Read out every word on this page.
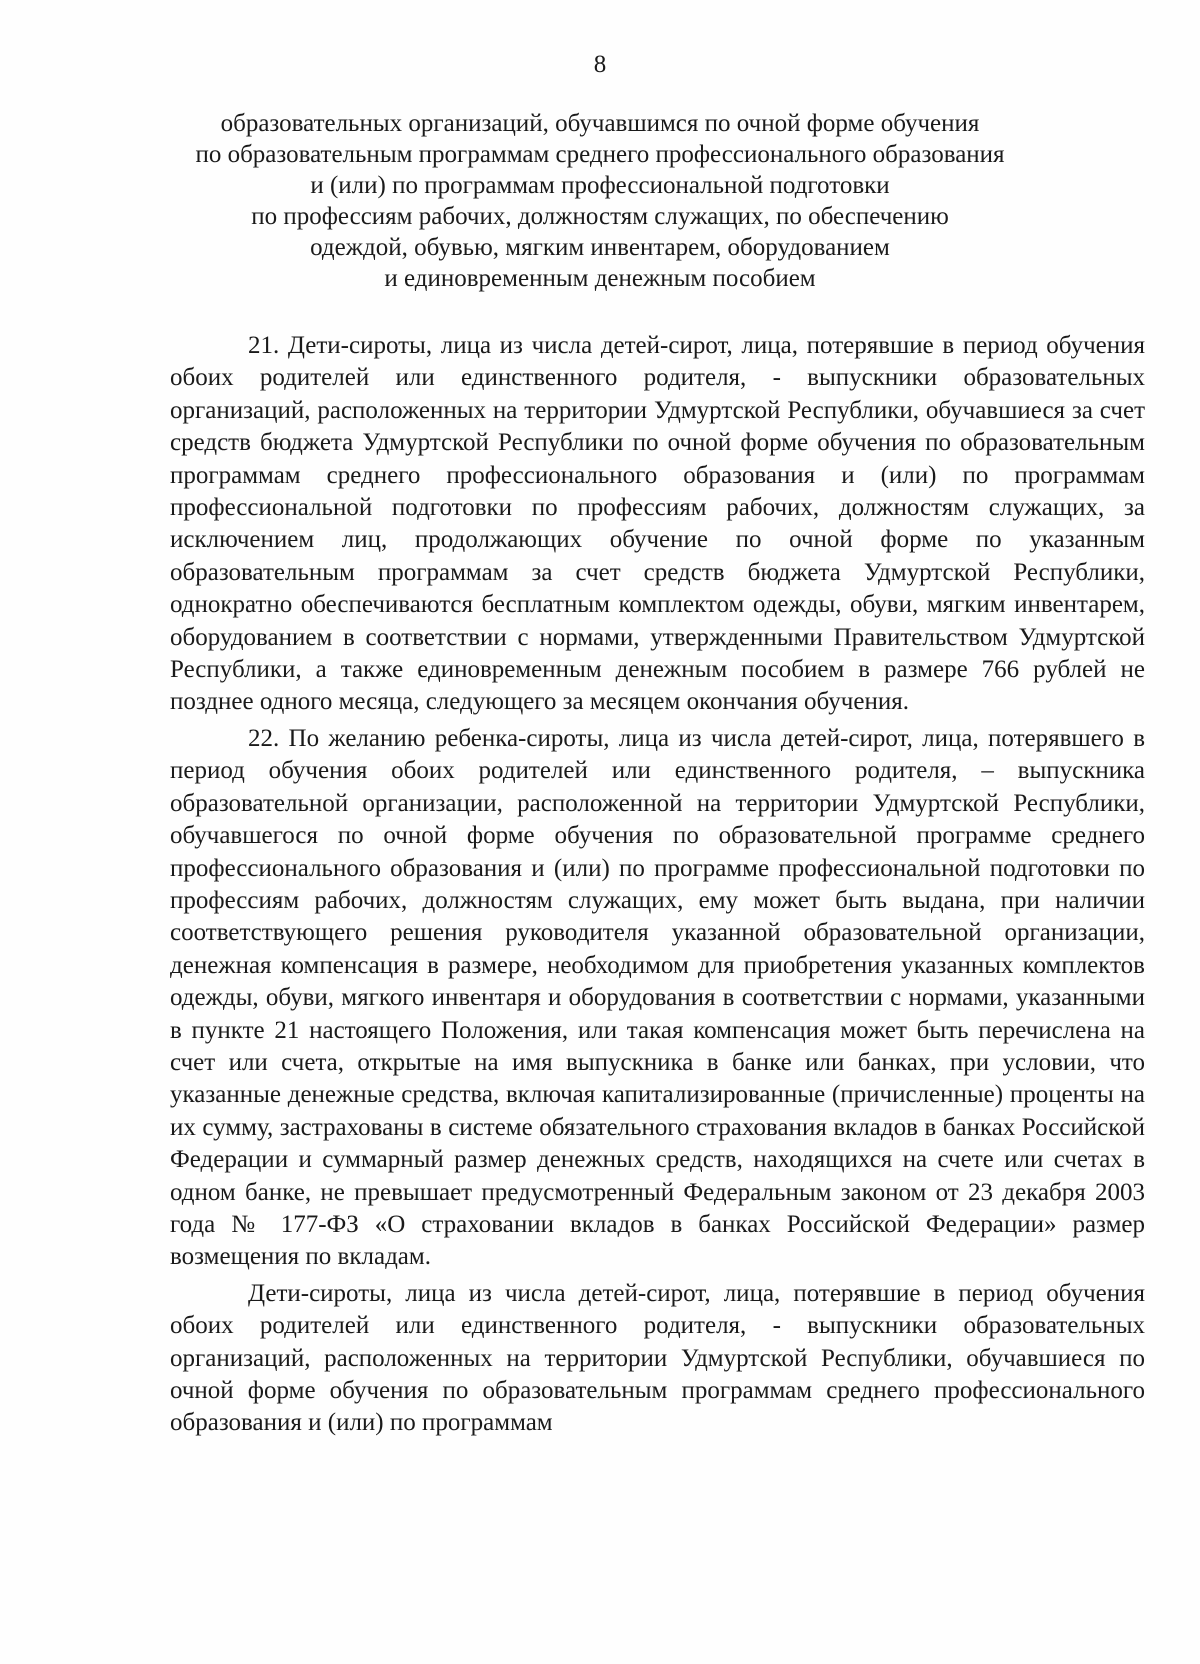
8
образовательных организаций, обучавшимся по очной форме обучения
по образовательным программам среднего профессионального образования
и (или) по программам профессиональной подготовки
по профессиям рабочих, должностям служащих, по обеспечению
одеждой, обувью, мягким инвентарем, оборудованием
и единовременным денежным пособием

21. Дети-сироты, лица из числа детей-сирот, лица, потерявшие в период обучения обоих родителей или единственного родителя, - выпускники образовательных организаций, расположенных на территории Удмуртской Республики, обучавшиеся за счет средств бюджета Удмуртской Республики по очной форме обучения по образовательным программам среднего профессионального образования и (или) по программам профессиональной подготовки по профессиям рабочих, должностям служащих, за исключением лиц, продолжающих обучение по очной форме по указанным образовательным программам за счет средств бюджета Удмуртской Республики, однократно обеспечиваются бесплатным комплектом одежды, обуви, мягким инвентарем, оборудованием в соответствии с нормами, утвержденными Правительством Удмуртской Республики, а также единовременным денежным пособием в размере 766 рублей не позднее одного месяца, следующего за месяцем окончания обучения.

22. По желанию ребенка-сироты, лица из числа детей-сирот, лица, потерявшего в период обучения обоих родителей или единственного родителя, – выпускника образовательной организации, расположенной на территории Удмуртской Республики, обучавшегося по очной форме обучения по образовательной программе среднего профессионального образования и (или) по программе профессиональной подготовки по профессиям рабочих, должностям служащих, ему может быть выдана, при наличии соответствующего решения руководителя указанной образовательной организации, денежная компенсация в размере, необходимом для приобретения указанных комплектов одежды, обуви, мягкого инвентаря и оборудования в соответствии с нормами, указанными в пункте 21 настоящего Положения, или такая компенсация может быть перечислена на счет или счета, открытые на имя выпускника в банке или банках, при условии, что указанные денежные средства, включая капитализированные (причисленные) проценты на их сумму, застрахованы в системе обязательного страхования вкладов в банках Российской Федерации и суммарный размер денежных средств, находящихся на счете или счетах в одном банке, не превышает предусмотренный Федеральным законом от 23 декабря 2003 года № 177-ФЗ «О страховании вкладов в банках Российской Федерации» размер возмещения по вкладам.

Дети-сироты, лица из числа детей-сирот, лица, потерявшие в период обучения обоих родителей или единственного родителя, - выпускники образовательных организаций, расположенных на территории Удмуртской Республики, обучавшиеся по очной форме обучения по образовательным программам среднего профессионального образования и (или) по программам
